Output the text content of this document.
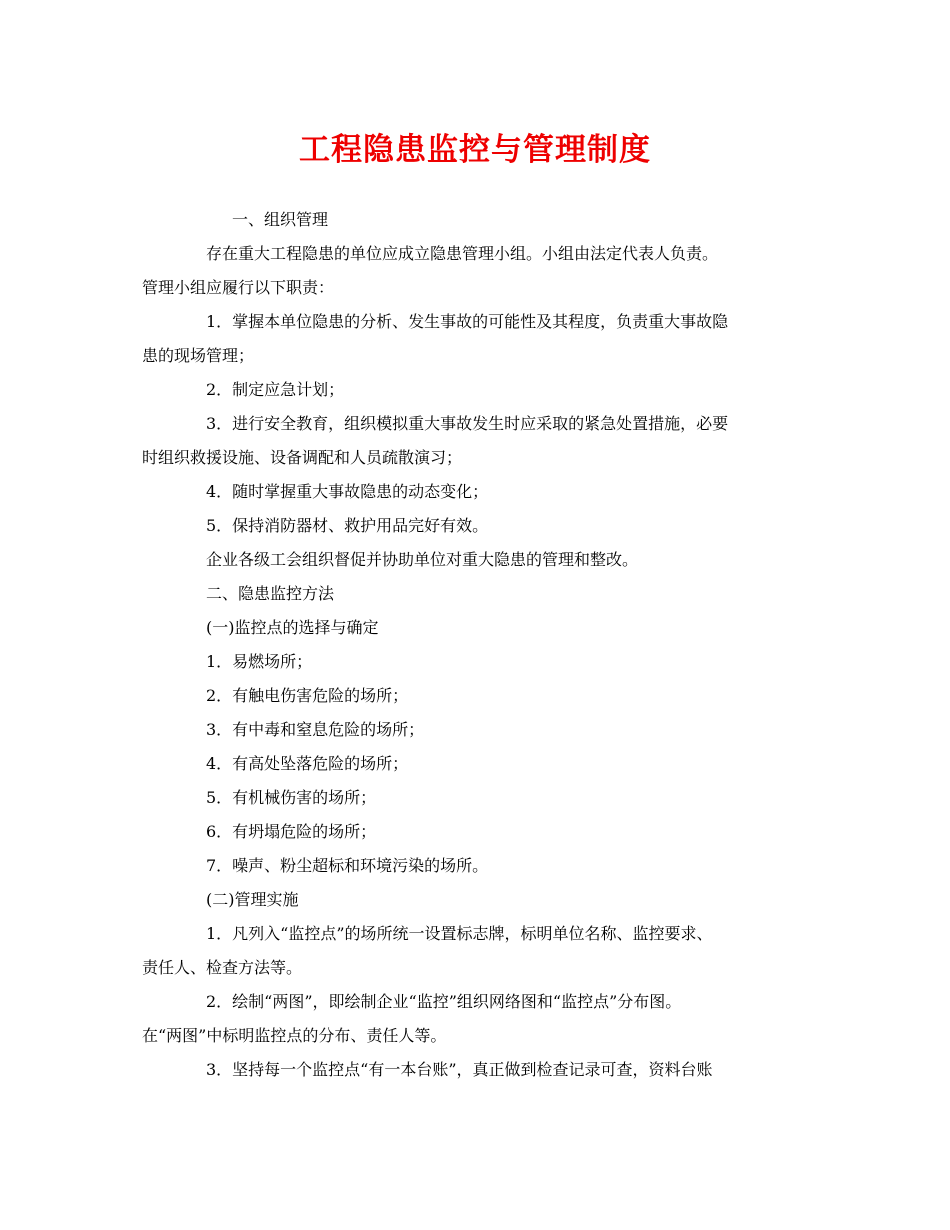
工程隐患监控与管理制度

一、组织管理

存在重大工程隐患的单位应成立隐患管理小组。小组由法定代表人负责。

管理小组应履行以下职责：

1．掌握本单位隐患的分析、发生事故的可能性及其程度，负责重大事故隐

患的现场管理；

2．制定应急计划；

3．进行安全教育，组织模拟重大事故发生时应采取的紧急处置措施，必要

时组织救援设施、设备调配和人员疏散演习；

4．随时掌握重大事故隐患的动态变化；

5．保持消防器材、救护用品完好有效。

企业各级工会组织督促并协助单位对重大隐患的管理和整改。

二、隐患监控方法

(一)监控点的选择与确定

1．易燃场所；

2．有触电伤害危险的场所；

3．有中毒和窒息危险的场所；

4．有高处坠落危险的场所；

5．有机械伤害的场所；

6．有坍塌危险的场所；

7．噪声、粉尘超标和环境污染的场所。

(二)管理实施

1．凡列入“监控点”的场所统一设置标志牌，标明单位名称、监控要求、

责任人、检查方法等。

2．绘制“两图”，即绘制企业“监控”组织网络图和“监控点”分布图。

在“两图”中标明监控点的分布、责任人等。

3．坚持每一个监控点“有一本台账”，真正做到检查记录可查，资料台账
